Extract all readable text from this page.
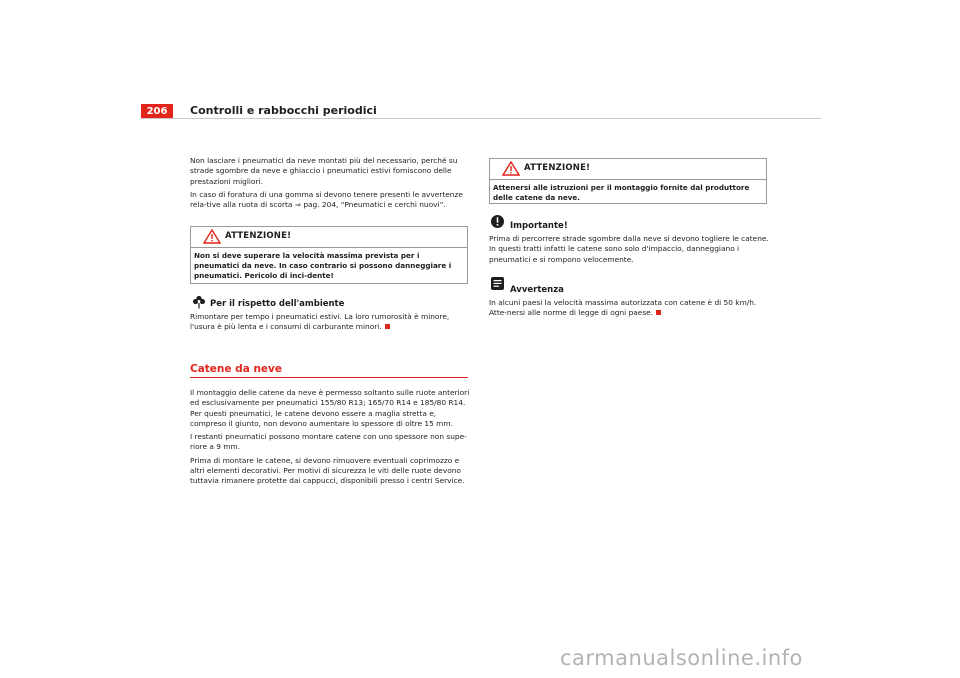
206	Controlli e rabbocchi periodici

Non lasciare i pneumatici da neve montati più del necessario, perché su strade sgombre da neve e ghiaccio i pneumatici estivi forniscono delle prestazioni migliori.

In caso di foratura di una gomma si devono tenere presenti le avvertenze rela-tive alla ruota di scorta ⇒ pag. 204, “Pneumatici e cerchi nuovi”.

ATTENZIONE!
Non si deve superare la velocità massima prevista per i pneumatici da neve. In caso contrario si possono danneggiare i pneumatici. Pericolo di inci-dente!
Per il rispetto dell'ambiente

Rimontare per tempo i pneumatici estivi. La loro rumorosità è minore, l'usura è più lenta e i consumi di carburante minori.

Catene da neve

Il montaggio delle catene da neve è permesso soltanto sulle ruote anteriori ed esclusivamente per pneumatici 155/80 R13; 165/70 R14 e 185/80 R14. Per questi pneumatici, le catene devono essere a maglia stretta e, compreso il giunto, non devono aumentare lo spessore di oltre 15 mm.

I restanti pneumatici possono montare catene con uno spessore non supe-riore a 9 mm.

Prima di montare le catene, si devono rimuovere eventuali coprimozzo e altri elementi decorativi. Per motivi di sicurezza le viti delle ruote devono tuttavia rimanere protette dai cappucci, disponibili presso i centri Service.

ATTENZIONE!
Attenersi alle istruzioni per il montaggio fornite dal produttore delle catene da neve.
Importante!

Prima di percorrere strade sgombre dalla neve si devono togliere le catene. In questi tratti infatti le catene sono solo d'impaccio, danneggiano i pneumatici e si rompono velocemente.

Avvertenza

In alcuni paesi la velocità massima autorizzata con catene è di 50 km/h. Atte-nersi alle norme di legge di ogni paese.

carmanualsonline.info
